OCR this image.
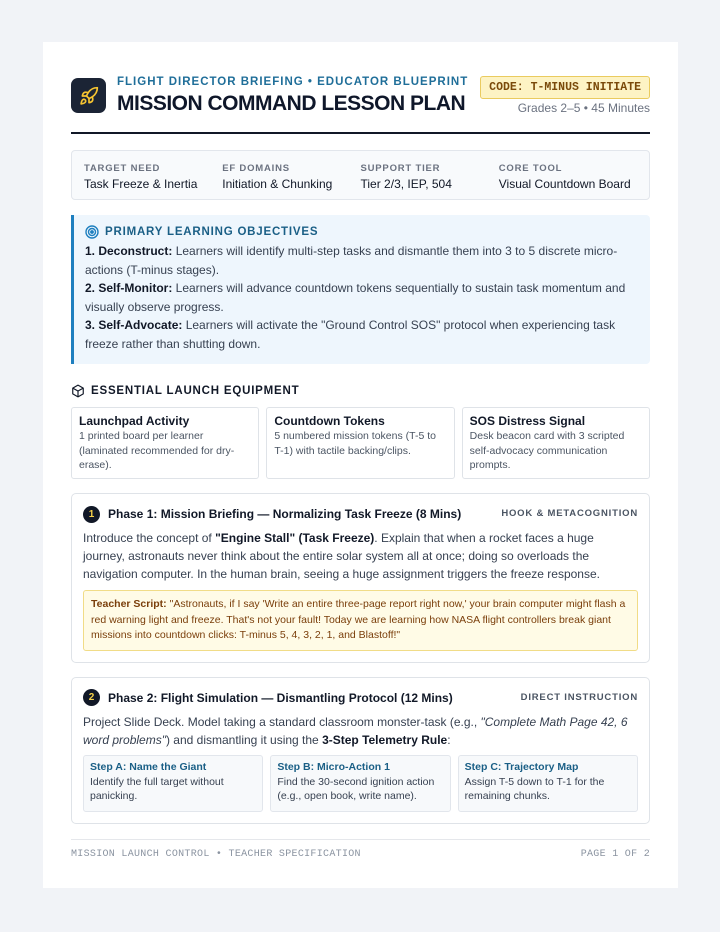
FLIGHT DIRECTOR BRIEFING • EDUCATOR BLUEPRINT
MISSION COMMAND LESSON PLAN
CODE: T-MINUS INITIATE
Grades 2–5 • 45 Minutes
TARGET NEED
Task Freeze & Inertia
EF DOMAINS
Initiation & Chunking
SUPPORT TIER
Tier 2/3, IEP, 504
CORE TOOL
Visual Countdown Board
PRIMARY LEARNING OBJECTIVES
1. Deconstruct: Learners will identify multi-step tasks and dismantle them into 3 to 5 discrete micro-actions (T-minus stages).
2. Self-Monitor: Learners will advance countdown tokens sequentially to sustain task momentum and visually observe progress.
3. Self-Advocate: Learners will activate the "Ground Control SOS" protocol when experiencing task freeze rather than shutting down.
ESSENTIAL LAUNCH EQUIPMENT
Launchpad Activity
1 printed board per learner (laminated recommended for dry-erase).
Countdown Tokens
5 numbered mission tokens (T-5 to T-1) with tactile backing/clips.
SOS Distress Signal
Desk beacon card with 3 scripted self-advocacy communication prompts.
1	Phase 1: Mission Briefing — Normalizing Task Freeze (8 Mins)	HOOK & METACOGNITION
Introduce the concept of "Engine Stall" (Task Freeze). Explain that when a rocket faces a huge journey, astronauts never think about the entire solar system all at once; doing so overloads the navigation computer. In the human brain, seeing a huge assignment triggers the freeze response.
Teacher Script: "Astronauts, if I say 'Write an entire three-page report right now,' your brain computer might flash a red warning light and freeze. That's not your fault! Today we are learning how NASA flight controllers break giant missions into countdown clicks: T-minus 5, 4, 3, 2, 1, and Blastoff!"
2	Phase 2: Flight Simulation — Dismantling Protocol (12 Mins)	DIRECT INSTRUCTION
Project Slide Deck. Model taking a standard classroom monster-task (e.g., "Complete Math Page 42, 6 word problems") and dismantling it using the 3-Step Telemetry Rule:
Step A: Name the Giant
Identify the full target without panicking.
Step B: Micro-Action 1
Find the 30-second ignition action (e.g., open book, write name).
Step C: Trajectory Map
Assign T-5 down to T-1 for the remaining chunks.
MISSION LAUNCH CONTROL • TEACHER SPECIFICATION	PAGE 1 OF 2
